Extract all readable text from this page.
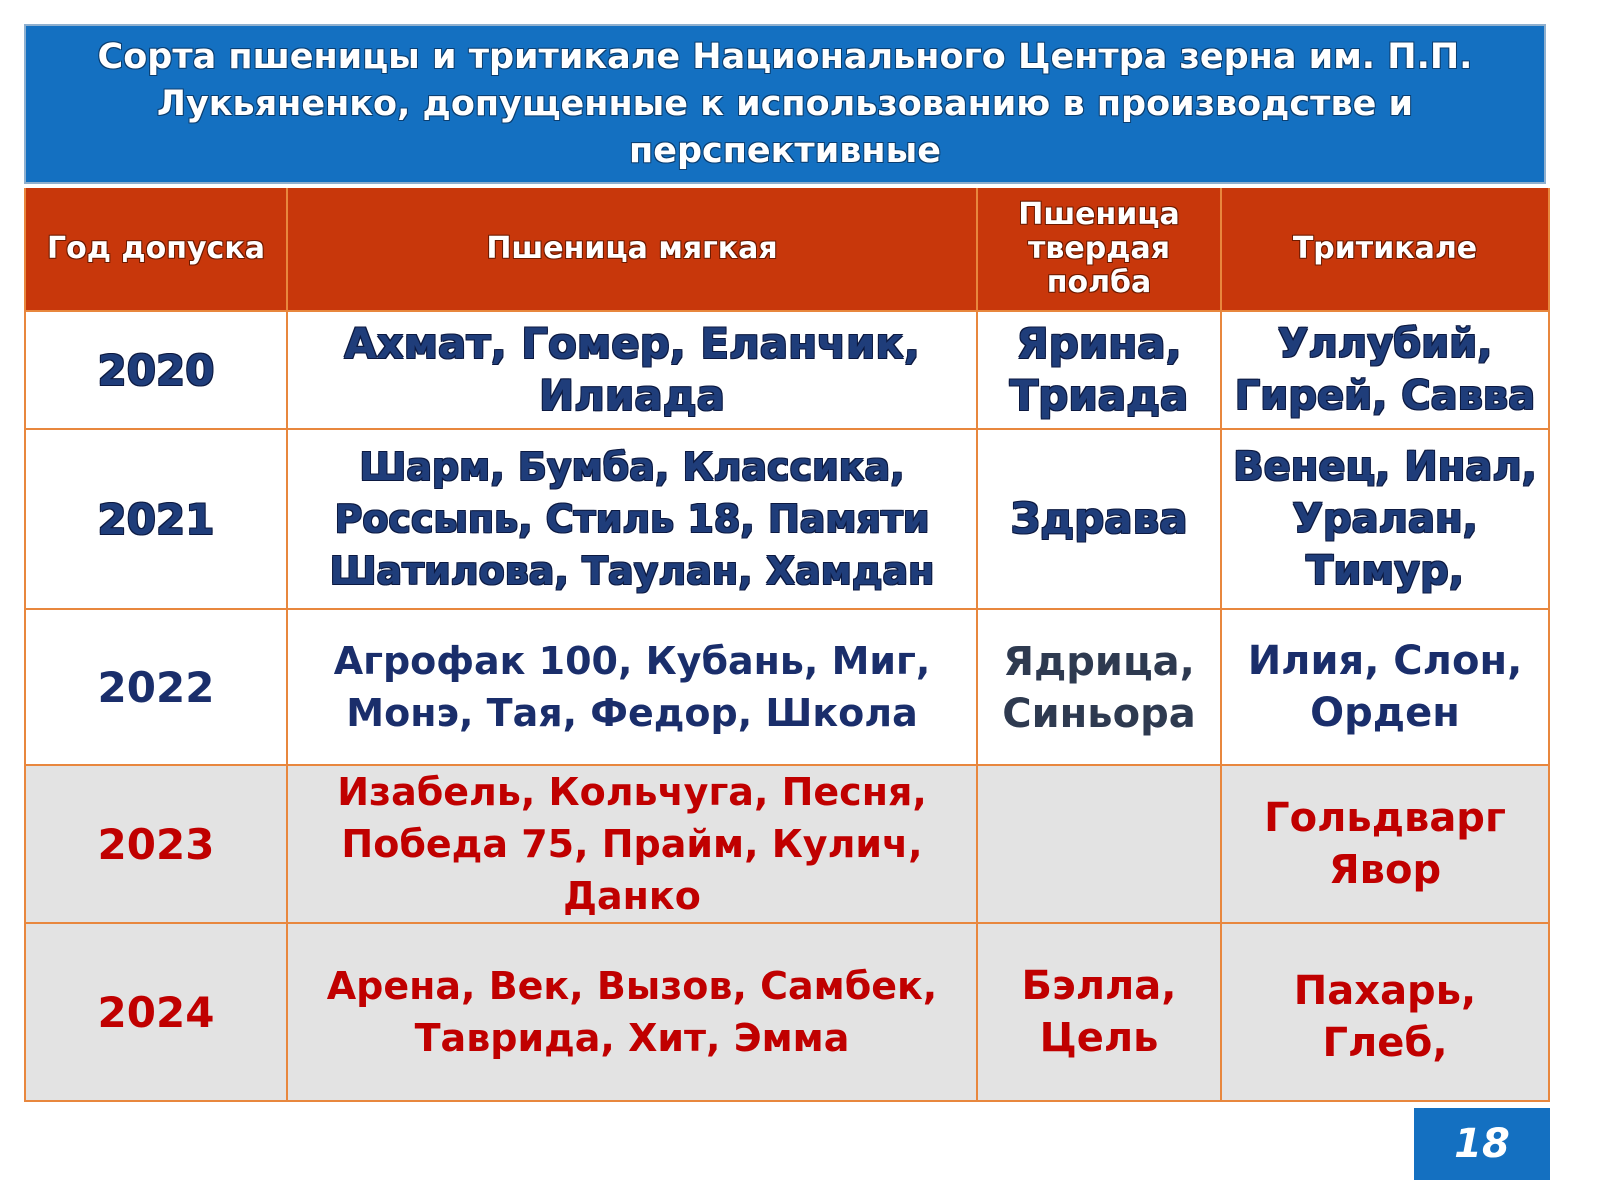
Сорта пшеницы и тритикале Национального Центра зерна им. П.П. Лукьяненко, допущенные к использованию в производстве и перспективные
Год допуска	Пшеница мягкая	Пшеница твердая полба	Тритикале
2020	Ахмат, Гомер, Еланчик, Илиада	Ярина, Триада	Уллубий, Гирей, Савва
2021	Шарм, Бумба, Классика, Россыпь, Стиль 18, Памяти Шатилова, Таулан, Хамдан	Здрава	Венец, Инал, Уралан, Тимур,
2022	Агрофак 100, Кубань, Миг, Монэ, Тая, Федор, Школа	Ядрица, Синьора	Илия, Слон, Орден
2023	Изабель, Кольчуга, Песня, Победа 75, Прайм, Кулич, Данко		Гольдварг Явор
2024	Арена, Век, Вызов, Самбек, Таврида, Хит, Эмма	Бэлла, Цель	Пахарь, Глеб,
18
